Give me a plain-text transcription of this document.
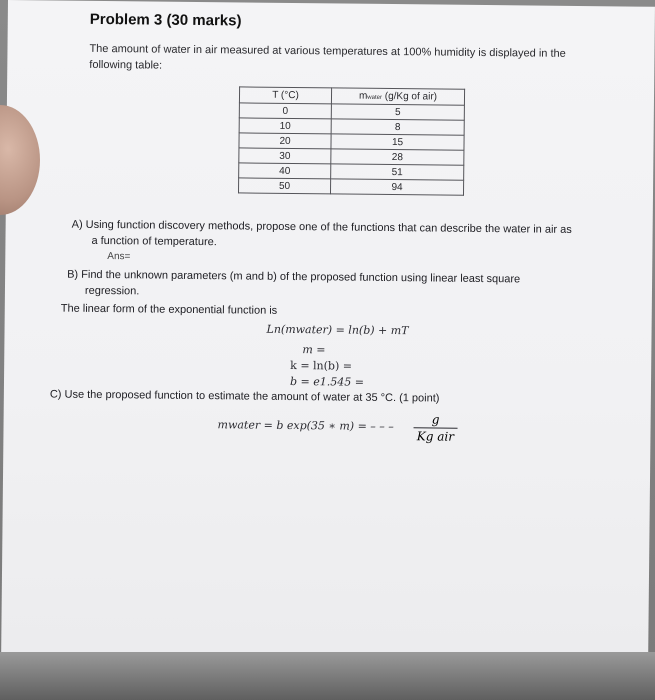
Problem 3 (30 marks)
The amount of water in air measured at various temperatures at 100% humidity is displayed in the
following table:
T (°C)	mwater (g/Kg of air)
0	5
10	8
20	15
30	28
40	51
50	94
A) Using function discovery methods, propose one of the functions that can describe the water in air as
a function of temperature.
Ans=
B) Find the unknown parameters (m and b) of the proposed function using linear least square
regression.
The linear form of the exponential function is
Ln(mwater) = ln(b) + mT
m =
k = ln(b) =
b = e1.545 =
C) Use the proposed function to estimate the amount of water at 35 °C. (1 point)
mwater = b exp(35 ∗ m) = – – –	g
Kg air
